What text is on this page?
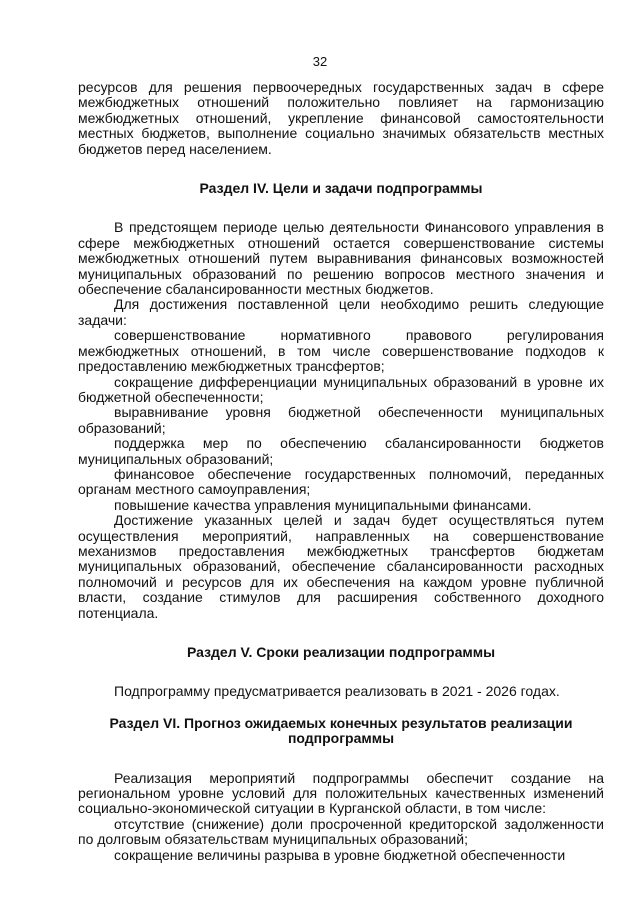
32

ресурсов для решения первоочередных государственных задач в сфере межбюджетных отношений положительно повлияет на гармонизацию межбюджетных отношений, укрепление финансовой самостоятельности местных бюджетов, выполнение социально значимых обязательств местных бюджетов перед населением.

Раздел IV. Цели и задачи подпрограммы

В предстоящем периоде целью деятельности Финансового управления в сфере межбюджетных отношений остается совершенствование системы межбюджетных отношений путем выравнивания финансовых возможностей муниципальных образований по решению вопросов местного значения и обеспечение сбалансированности местных бюджетов.

Для достижения поставленной цели необходимо решить следующие задачи:

совершенствование нормативного правового регулирования межбюджетных отношений, в том числе совершенствование подходов к предоставлению межбюджетных трансфертов;

сокращение дифференциации муниципальных образований в уровне их бюджетной обеспеченности;

выравнивание уровня бюджетной обеспеченности муниципальных образований;

поддержка мер по обеспечению сбалансированности бюджетов муниципальных образований;

финансовое обеспечение государственных полномочий, переданных органам местного самоуправления;

повышение качества управления муниципальными финансами.

Достижение указанных целей и задач будет осуществляться путем осуществления мероприятий, направленных на совершенствование механизмов предоставления межбюджетных трансфертов бюджетам муниципальных образований, обеспечение сбалансированности расходных полномочий и ресурсов для их обеспечения на каждом уровне публичной власти, создание стимулов для расширения собственного доходного потенциала.

Раздел V. Сроки реализации подпрограммы

Подпрограмму предусматривается реализовать в 2021 - 2026 годах.

Раздел VI. Прогноз ожидаемых конечных результатов реализации

подпрограммы

Реализация мероприятий подпрограммы обеспечит создание на региональном уровне условий для положительных качественных изменений социально-экономической ситуации в Курганской области, в том числе:

отсутствие (снижение) доли просроченной кредиторской задолженности по долговым обязательствам муниципальных образований;

сокращение величины разрыва в уровне бюджетной обеспеченности
